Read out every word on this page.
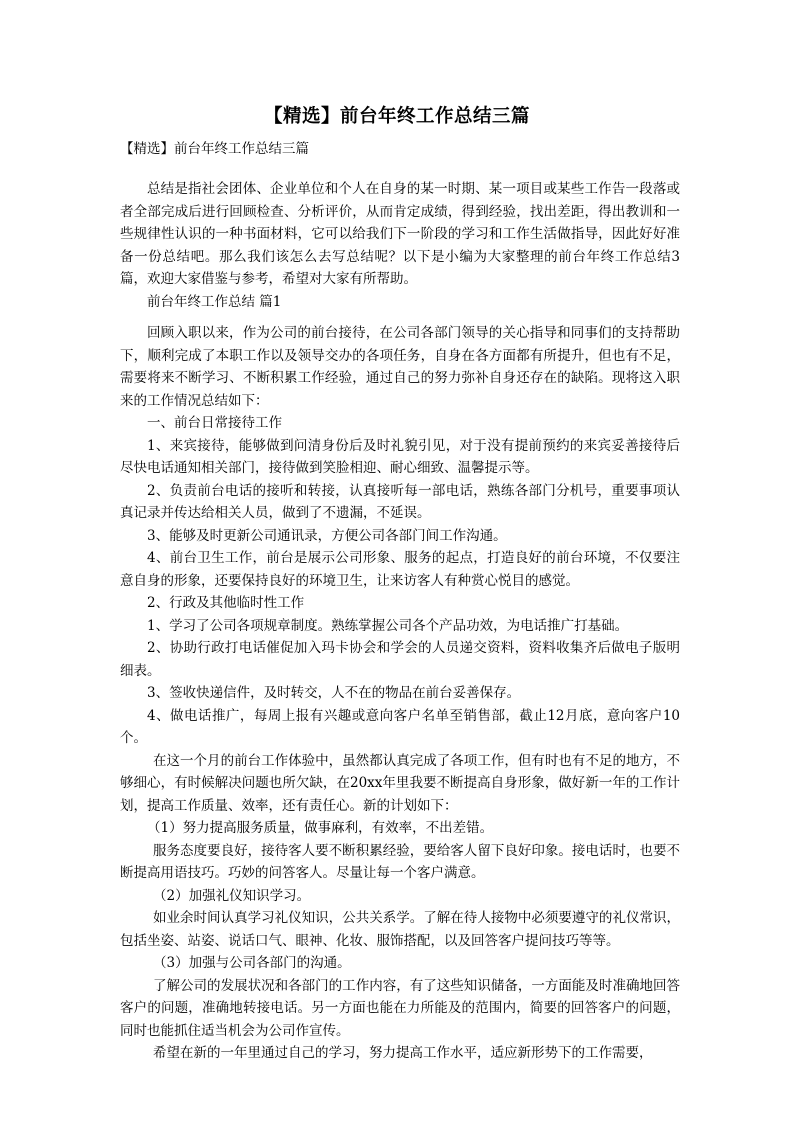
【精选】前台年终工作总结三篇
【精选】前台年终工作总结三篇

总结是指社会团体、企业单位和个人在自身的某一时期、某一项目或某些工作告一段落或者全部完成后进行回顾检查、分析评价，从而肯定成绩，得到经验，找出差距，得出教训和一些规律性认识的一种书面材料，它可以给我们下一阶段的学习和工作生活做指导，因此好好准备一份总结吧。那么我们该怎么去写总结呢？以下是小编为大家整理的前台年终工作总结3篇，欢迎大家借鉴与参考，希望对大家有所帮助。

前台年终工作总结 篇1

回顾入职以来，作为公司的前台接待，在公司各部门领导的关心指导和同事们的支持帮助下，顺利完成了本职工作以及领导交办的各项任务，自身在各方面都有所提升，但也有不足，需要将来不断学习、不断积累工作经验，通过自己的努力弥补自身还存在的缺陷。现将这入职来的工作情况总结如下：

一、前台日常接待工作

1、来宾接待，能够做到问清身份后及时礼貌引见，对于没有提前预约的来宾妥善接待后尽快电话通知相关部门，接待做到笑脸相迎、耐心细致、温馨提示等。

2、负责前台电话的接听和转接，认真接听每一部电话，熟练各部门分机号，重要事项认真记录并传达给相关人员，做到了不遗漏，不延误。

3、能够及时更新公司通讯录，方便公司各部门间工作沟通。

4、前台卫生工作，前台是展示公司形象、服务的起点，打造良好的前台环境，不仅要注意自身的形象，还要保持良好的环境卫生，让来访客人有种赏心悦目的感觉。

2、行政及其他临时性工作

1、学习了公司各项规章制度。熟练掌握公司各个产品功效，为电话推广打基础。

2、协助行政打电话催促加入玛卡协会和学会的人员递交资料，资料收集齐后做电子版明细表。

3、签收快递信件，及时转交，人不在的物品在前台妥善保存。

4、做电话推广，每周上报有兴趣或意向客户名单至销售部，截止12月底，意向客户10个。

在这一个月的前台工作体验中，虽然都认真完成了各项工作，但有时也有不足的地方，不够细心，有时候解决问题也所欠缺，在20xx年里我要不断提高自身形象，做好新一年的工作计划，提高工作质量、效率，还有责任心。新的计划如下：

（1）努力提高服务质量，做事麻利，有效率，不出差错。

服务态度要良好，接待客人要不断积累经验，要给客人留下良好印象。接电话时，也要不断提高用语技巧。巧妙的问答客人。尽量让每一个客户满意。

（2）加强礼仪知识学习。

如业余时间认真学习礼仪知识，公共关系学。了解在待人接物中必须要遵守的礼仪常识，包括坐姿、站姿、说话口气、眼神、化妆、服饰搭配，以及回答客户提问技巧等等。

（3）加强与公司各部门的沟通。

了解公司的发展状况和各部门的工作内容，有了这些知识储备，一方面能及时准确地回答客户的问题，准确地转接电话。另一方面也能在力所能及的范围内，简要的回答客户的问题，同时也能抓住适当机会为公司作宣传。

希望在新的一年里通过自己的学习，努力提高工作水平，适应新形势下的工作需要，
